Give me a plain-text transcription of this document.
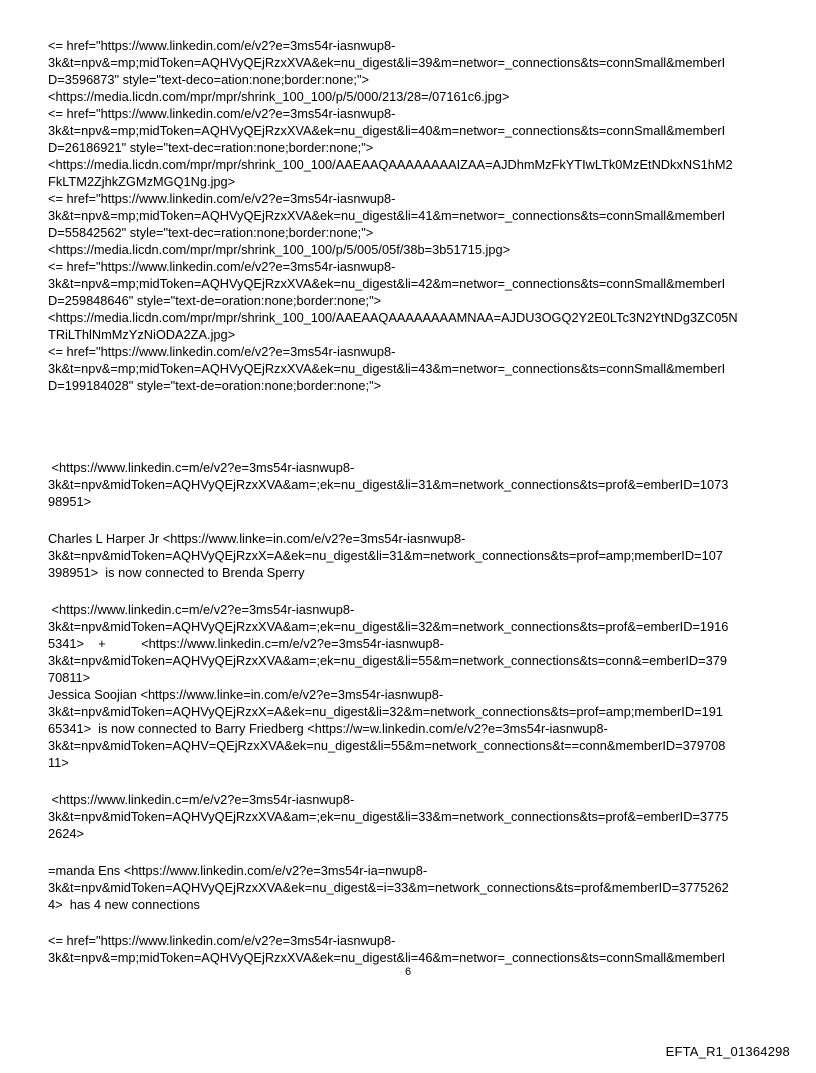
<= href="https://www.linkedin.com/e/v2?e=3ms54r-iasnwup8-

3k&t=npv&=mp;midToken=AQHVyQEjRzxXVA&ek=nu_digest&li=39&m=networ=_connections&ts=connSmall&memberI

D=3596873" style="text-deco=ation:none;border:none;">

<https://media.licdn.com/mpr/mpr/shrink_100_100/p/5/000/213/28=/07161c6.jpg>

<= href="https://www.linkedin.com/e/v2?e=3ms54r-iasnwup8-

3k&t=npv&=mp;midToken=AQHVyQEjRzxXVA&ek=nu_digest&li=40&m=networ=_connections&ts=connSmall&memberI

D=26186921" style="text-dec=ration:none;border:none;">

<https://media.licdn.com/mpr/mpr/shrink_100_100/AAEAAQAAAAAAAAIZAA=AJDhmMzFkYTIwLTk0MzEtNDkxNS1hM2

FkLTM2ZjhkZGMzMGQ1Ng.jpg>

<= href="https://www.linkedin.com/e/v2?e=3ms54r-iasnwup8-

3k&t=npv&=mp;midToken=AQHVyQEjRzxXVA&ek=nu_digest&li=41&m=networ=_connections&ts=connSmall&memberI

D=55842562" style="text-dec=ration:none;border:none;">

<https://media.licdn.com/mpr/mpr/shrink_100_100/p/5/005/05f/38b=3b51715.jpg>

<= href="https://www.linkedin.com/e/v2?e=3ms54r-iasnwup8-

3k&t=npv&=mp;midToken=AQHVyQEjRzxXVA&ek=nu_digest&li=42&m=networ=_connections&ts=connSmall&memberI

D=259848646" style="text-de=oration:none;border:none;">

<https://media.licdn.com/mpr/mpr/shrink_100_100/AAEAAQAAAAAAAAMNAA=AJDU3OGQ2Y2E0LTc3N2YtNDg3ZC05N

TRiLThlNmMzYzNiODA2ZA.jpg>

<= href="https://www.linkedin.com/e/v2?e=3ms54r-iasnwup8-

3k&t=npv&=mp;midToken=AQHVyQEjRzxXVA&ek=nu_digest&li=43&m=networ=_connections&ts=connSmall&memberI

D=199184028" style="text-de=oration:none;border:none;">

<https://www.linkedin.c=m/e/v2?e=3ms54r-iasnwup8-

3k&t=npv&midToken=AQHVyQEjRzxXVA&am=;ek=nu_digest&li=31&m=network_connections&ts=prof&=emberID=1073

98951>

Charles L Harper Jr <https://www.linke=in.com/e/v2?e=3ms54r-iasnwup8-

3k&t=npv&midToken=AQHVyQEjRzxX=A&ek=nu_digest&li=31&m=network_connections&ts=prof=amp;memberID=107

398951>  is now connected to Brenda Sperry

<https://www.linkedin.c=m/e/v2?e=3ms54r-iasnwup8-

3k&t=npv&midToken=AQHVyQEjRzxXVA&am=;ek=nu_digest&li=32&m=network_connections&ts=prof&=emberID=1916

5341>    +          <https://www.linkedin.c=m/e/v2?e=3ms54r-iasnwup8-

3k&t=npv&midToken=AQHVyQEjRzxXVA&am=;ek=nu_digest&li=55&m=network_connections&ts=conn&=emberID=379

70811>

Jessica Soojian <https://www.linke=in.com/e/v2?e=3ms54r-iasnwup8-

3k&t=npv&midToken=AQHVyQEjRzxX=A&ek=nu_digest&li=32&m=network_connections&ts=prof=amp;memberID=191

65341>  is now connected to Barry Friedberg <https://w=w.linkedin.com/e/v2?e=3ms54r-iasnwup8-

3k&t=npv&midToken=AQHV=QEjRzxXVA&ek=nu_digest&li=55&m=network_connections&t==conn&memberID=379708

11>

<https://www.linkedin.c=m/e/v2?e=3ms54r-iasnwup8-

3k&t=npv&midToken=AQHVyQEjRzxXVA&am=;ek=nu_digest&li=33&m=network_connections&ts=prof&=emberID=3775

2624>

=manda Ens <https://www.linkedin.com/e/v2?e=3ms54r-ia=nwup8-

3k&t=npv&midToken=AQHVyQEjRzxXVA&ek=nu_digest&=i=33&m=network_connections&ts=prof&memberID=3775262

4>  has 4 new connections

<= href="https://www.linkedin.com/e/v2?e=3ms54r-iasnwup8-

3k&t=npv&=mp;midToken=AQHVyQEjRzxXVA&ek=nu_digest&li=46&m=networ=_connections&ts=connSmall&memberI

6
EFTA_R1_01364298
